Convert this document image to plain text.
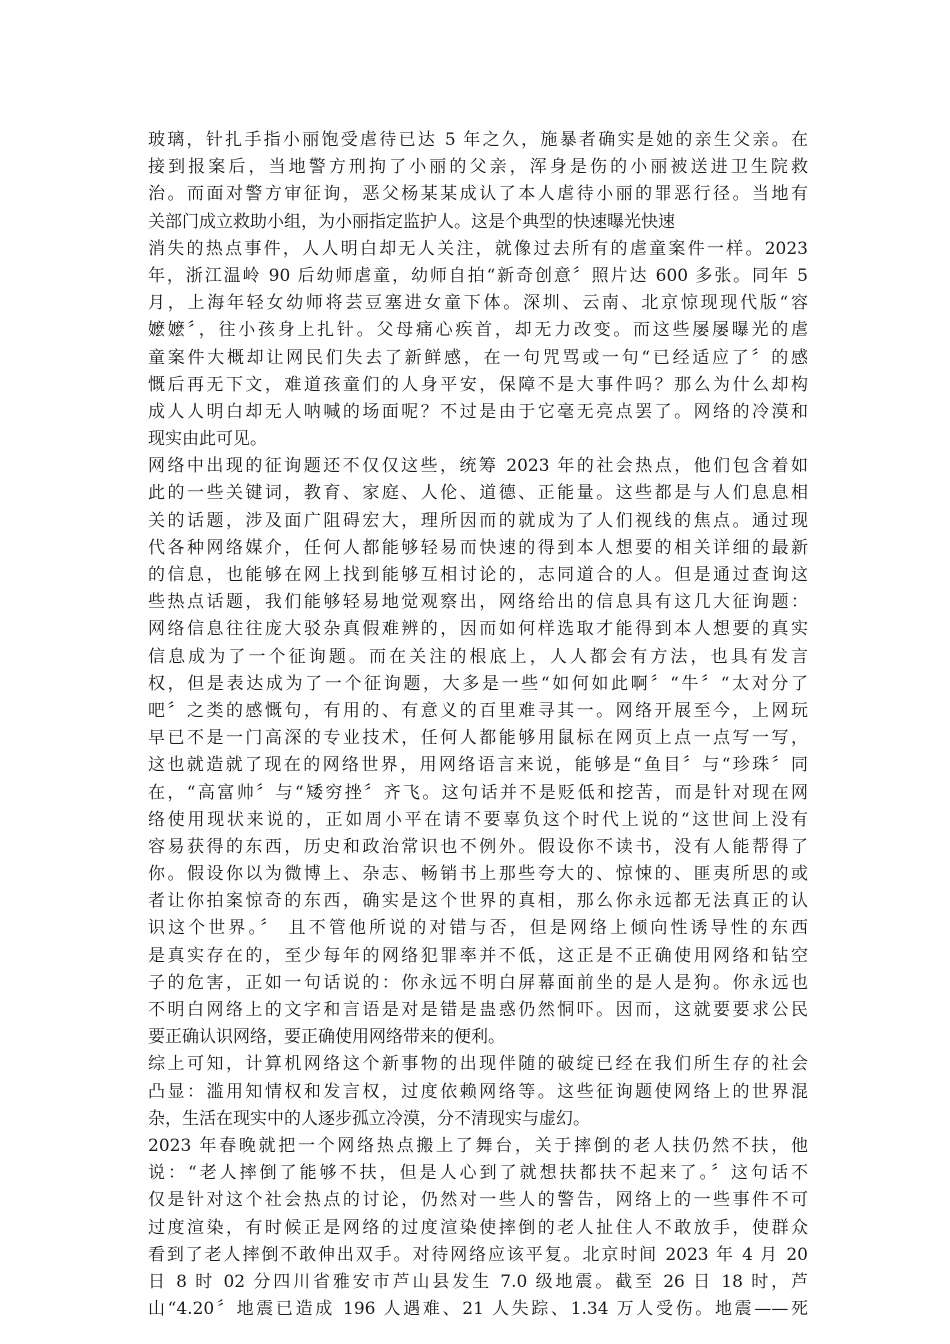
玻璃，针扎手指小丽饱受虐待已达 5 年之久，施暴者确实是她的亲生父亲。在
接到报案后，当地警方刑拘了小丽的父亲，浑身是伤的小丽被送进卫生院救
治。而面对警方审征询，恶父杨某某成认了本人虐待小丽的罪恶行径。当地有
关部门成立救助小组，为小丽指定监护人。这是个典型的快速曝光快速
消失的热点事件，人人明白却无人关注，就像过去所有的虐童案件一样。2023
年，浙江温岭 90 后幼师虐童，幼师自拍“新奇创意〞照片达 600 多张。同年 5
月，上海年轻女幼师将芸豆塞进女童下体。深圳、云南、北京惊现现代版“容
嬷嬷〞，往小孩身上扎针。父母痛心疾首，却无力改变。而这些屡屡曝光的虐
童案件大概却让网民们失去了新鲜感，在一句咒骂或一句“已经适应了〞的感
慨后再无下文，难道孩童们的人身平安，保障不是大事件吗？那么为什么却构
成人人明白却无人呐喊的场面呢？不过是由于它毫无亮点罢了。网络的冷漠和
现实由此可见。
网络中出现的征询题还不仅仅这些，统筹 2023 年的社会热点，他们包含着如
此的一些关键词，教育、家庭、人伦、道德、正能量。这些都是与人们息息相
关的话题，涉及面广阻碍宏大，理所因而的就成为了人们视线的焦点。通过现
代各种网络媒介，任何人都能够轻易而快速的得到本人想要的相关详细的最新
的信息，也能够在网上找到能够互相讨论的，志同道合的人。但是通过查询这
些热点话题，我们能够轻易地觉观察出，网络给出的信息具有这几大征询题：
网络信息往往庞大驳杂真假难辨的，因而如何样选取才能得到本人想要的真实
信息成为了一个征询题。而在关注的根底上，人人都会有方法，也具有发言
权，但是表达成为了一个征询题，大多是一些“如何如此啊〞“牛〞“太对分了
吧〞之类的感慨句，有用的、有意义的百里难寻其一。网络开展至今，上网玩
早已不是一门高深的专业技术，任何人都能够用鼠标在网页上点一点写一写，
这也就造就了现在的网络世界，用网络语言来说，能够是“鱼目〞与“珍珠〞同
在，“高富帅〞与“矮穷挫〞齐飞。这句话并不是贬低和挖苦，而是针对现在网
络使用现状来说的，正如周小平在请不要辜负这个时代上说的“这世间上没有
容易获得的东西，历史和政治常识也不例外。假设你不读书，没有人能帮得了
你。假设你以为微博上、杂志、畅销书上那些夸大的、惊悚的、匪夷所思的或
者让你拍案惊奇的东西，确实是这个世界的真相，那么你永远都无法真正的认
识这个世界。〞 且不管他所说的对错与否，但是网络上倾向性诱导性的东西
是真实存在的，至少每年的网络犯罪率并不低，这正是不正确使用网络和钻空
子的危害，正如一句话说的：你永远不明白屏幕面前坐的是人是狗。你永远也
不明白网络上的文字和言语是对是错是蛊惑仍然恫吓。因而，这就要要求公民
要正确认识网络，要正确使用网络带来的便利。
综上可知，计算机网络这个新事物的出现伴随的破绽已经在我们所生存的社会
凸显：滥用知情权和发言权，过度依赖网络等。这些征询题使网络上的世界混
杂，生活在现实中的人逐步孤立冷漠，分不清现实与虚幻。
2023 年春晚就把一个网络热点搬上了舞台，关于摔倒的老人扶仍然不扶，他
说：“老人摔倒了能够不扶，但是人心到了就想扶都扶不起来了。〞这句话不
仅是针对这个社会热点的讨论，仍然对一些人的警告，网络上的一些事件不可
过度渲染，有时候正是网络的过度渲染使摔倒的老人扯住人不敢放手，使群众
看到了老人摔倒不敢伸出双手。对待网络应该平复。北京时间 2023 年 4 月 20
日 8 时 02 分四川省雅安市芦山县发生 7.0 级地震。截至 26 日 18 时，芦
山“4.20〞地震已造成 196 人遇难、21 人失踪、1.34 万人受伤。地震——死
